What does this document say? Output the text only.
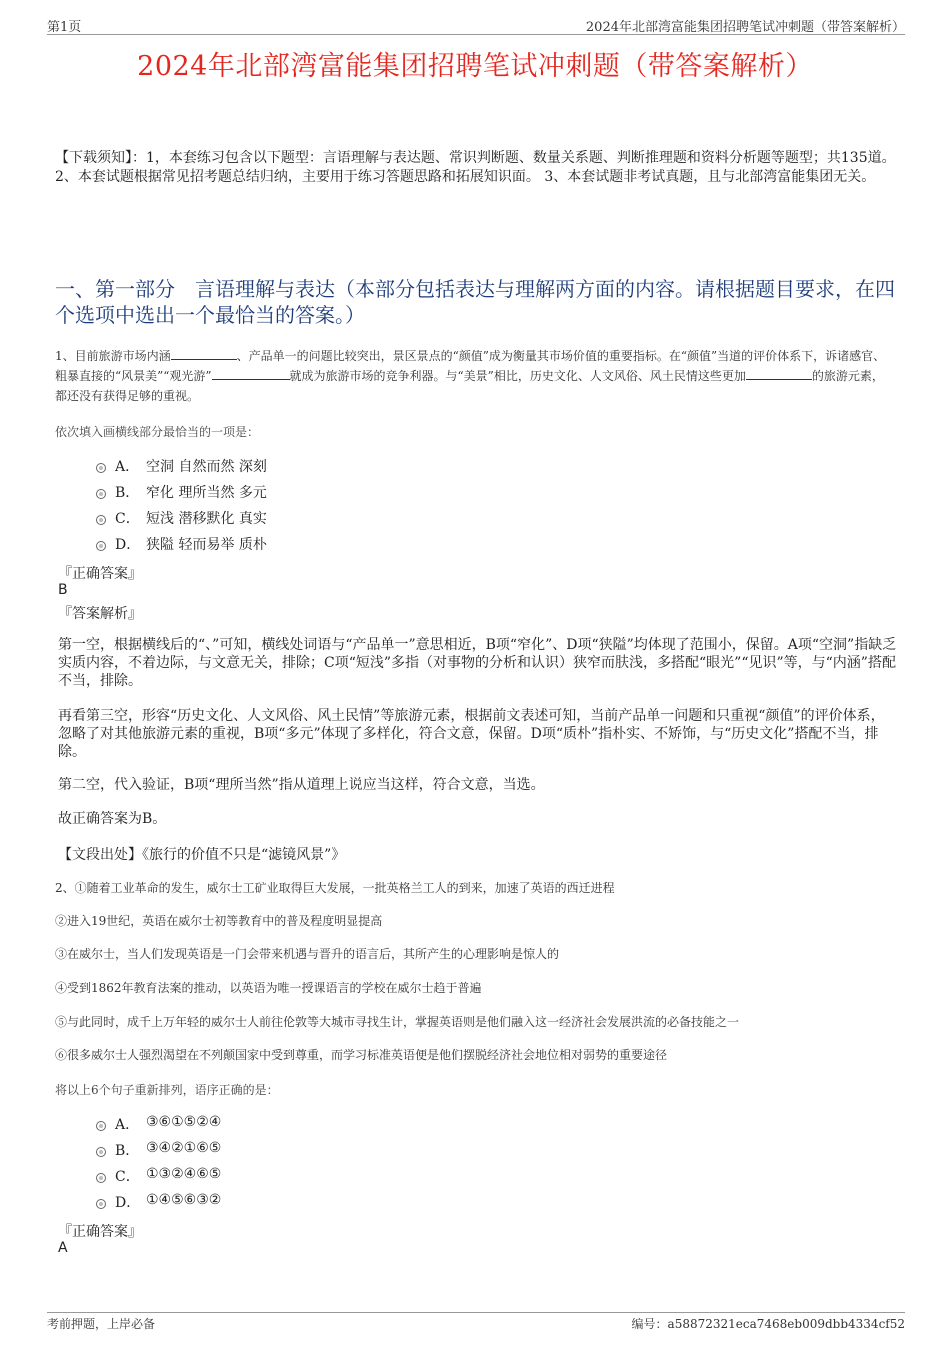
第1页	2024年北部湾富能集团招聘笔试冲刺题（带答案解析）
2024年北部湾富能集团招聘笔试冲刺题（带答案解析）
【下载须知】：1，本套练习包含以下题型：言语理解与表达题、常识判断题、数量关系题、判断推理题和资料分析题等题型；共135道。 2、本套试题根据常见招考题总结归纳，主要用于练习答题思路和拓展知识面。 3、本套试题非考试真题，且与北部湾富能集团无关。
一、第一部分　言语理解与表达（本部分包括表达与理解两方面的内容。请根据题目要求，在四个选项中选出一个最恰当的答案。）
1、目前旅游市场内涵	、产品单一的问题比较突出，景区景点的“颜值”成为衡量其市场价值的重要指标。在“颜值”当道的评价体系下，诉诸感官、粗暴直接的“风景美”“观光游”	就成为旅游市场的竞争利器。与“美景”相比，历史文化、人文风俗、风土民情这些更加	的旅游元素，都还没有获得足够的重视。
依次填入画横线部分最恰当的一项是：
A． 空洞 自然而然 深刻
B． 窄化 理所当然 多元
C． 短浅 潜移默化 真实
D． 狭隘 轻而易举 质朴
『正确答案』
B
『答案解析』
第一空，根据横线后的“、”可知，横线处词语与“产品单一”意思相近，B项“窄化”、D项“狭隘”均体现了范围小，保留。A项“空洞”指缺乏实质内容，不着边际，与文意无关，排除；C项“短浅”多指（对事物的分析和认识）狭窄而肤浅，多搭配“眼光”“见识”等，与“内涵”搭配不当，排除。
再看第三空，形容“历史文化、人文风俗、风土民情”等旅游元素，根据前文表述可知，当前产品单一问题和只重视“颜值”的评价体系，忽略了对其他旅游元素的重视，B项“多元”体现了多样化，符合文意，保留。D项“质朴”指朴实、不矫饰，与“历史文化”搭配不当，排除。
第二空，代入验证，B项“理所当然”指从道理上说应当这样，符合文意，当选。
故正确答案为B。
【文段出处】《旅行的价值不只是“滤镜风景”》
2、①随着工业革命的发生，威尔士工矿业取得巨大发展，一批英格兰工人的到来，加速了英语的西迁进程
②进入19世纪，英语在威尔士初等教育中的普及程度明显提高
③在威尔士，当人们发现英语是一门会带来机遇与晋升的语言后，其所产生的心理影响是惊人的
④受到1862年教育法案的推动，以英语为唯一授课语言的学校在威尔士趋于普遍
⑤与此同时，成千上万年轻的威尔士人前往伦敦等大城市寻找生计，掌握英语则是他们融入这一经济社会发展洪流的必备技能之一
⑥很多威尔士人强烈渴望在不列颠国家中受到尊重，而学习标准英语便是他们摆脱经济社会地位相对弱势的重要途径
将以上6个句子重新排列，语序正确的是：
A． ③⑥①⑤②④
B． ③④②①⑥⑤
C． ①③②④⑥⑤
D． ①④⑤⑥③②
『正确答案』
A
考前押题，上岸必备	编号：a58872321eca7468eb009dbb4334cf52
